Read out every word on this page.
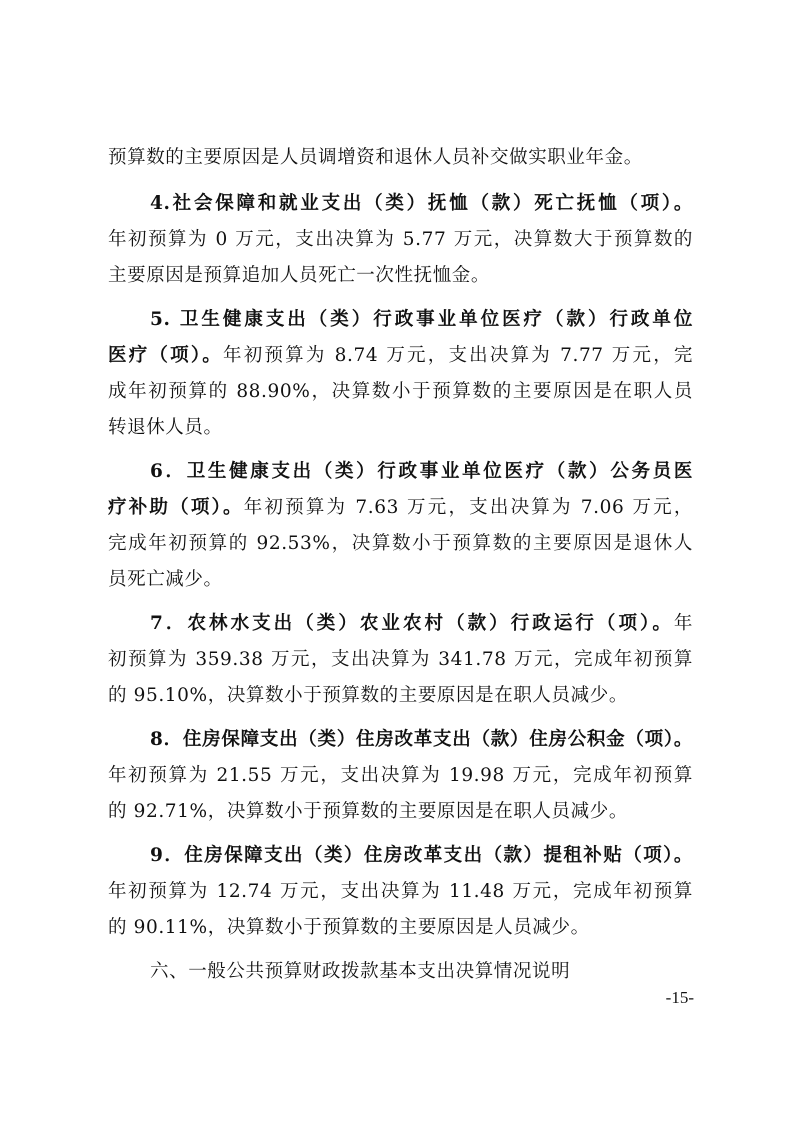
预算数的主要原因是人员调增资和退休人员补交做实职业年金。
4.社会保障和就业支出（类）抚恤（款）死亡抚恤（项）。
年初预算为 0 万元，支出决算为 5.77 万元，决算数大于预算数的
主要原因是预算追加人员死亡一次性抚恤金。
5. 卫生健康支出（类）行政事业单位医疗（款）行政单位
医疗（项）。年初预算为 8.74 万元，支出决算为 7.77 万元，完
成年初预算的 88.90%，决算数小于预算数的主要原因是在职人员
转退休人员。
6．卫生健康支出（类）行政事业单位医疗（款）公务员医
疗补助（项）。年初预算为 7.63 万元，支出决算为 7.06 万元，
完成年初预算的 92.53%，决算数小于预算数的主要原因是退休人
员死亡减少。
7．农林水支出（类）农业农村（款）行政运行（项）。年
初预算为 359.38 万元，支出决算为 341.78 万元，完成年初预算
的 95.10%，决算数小于预算数的主要原因是在职人员减少。
8．住房保障支出（类）住房改革支出（款）住房公积金（项）。
年初预算为 21.55 万元，支出决算为 19.98 万元，完成年初预算
的 92.71%，决算数小于预算数的主要原因是在职人员减少。
9．住房保障支出（类）住房改革支出（款）提租补贴（项）。
年初预算为 12.74 万元，支出决算为 11.48 万元，完成年初预算
的 90.11%，决算数小于预算数的主要原因是人员减少。
六、一般公共预算财政拨款基本支出决算情况说明
-15-
